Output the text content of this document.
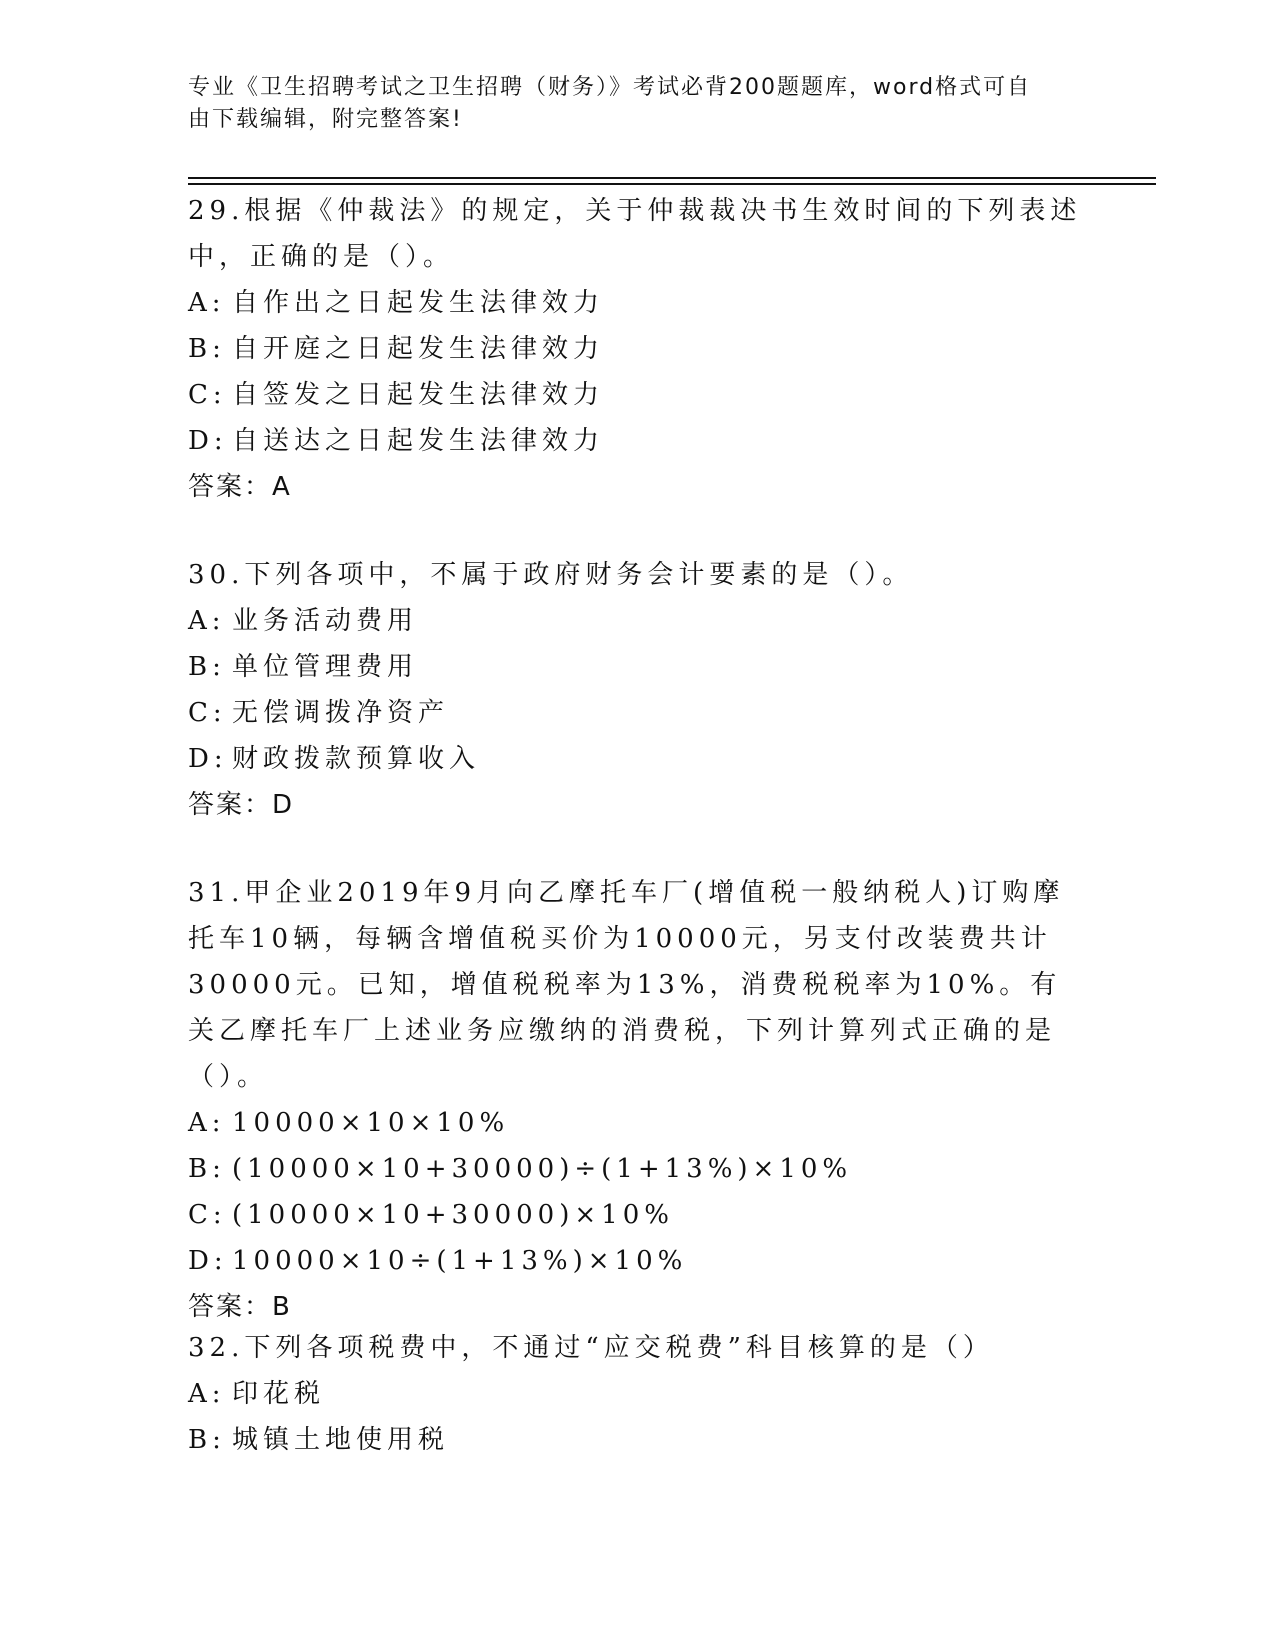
专业《卫生招聘考试之卫生招聘（财务）》考试必背200题题库，word格式可自
由下载编辑，附完整答案!

29.根据《仲裁法》的规定，关于仲裁裁决书生效时间的下列表述中，正确的是（）。

A: 自作出之日起发生法律效力

B: 自开庭之日起发生法律效力

C: 自签发之日起发生法律效力

D: 自送达之日起发生法律效力

答案：A

30.下列各项中，不属于政府财务会计要素的是（）。

A: 业务活动费用

B: 单位管理费用

C: 无偿调拨净资产

D: 财政拨款预算收入

答案：D

31.甲企业2019年9月向乙摩托车厂(增值税一般纳税人)订购摩托车10辆，每辆含增值税买价为10000元，另支付改装费共计30000元。已知，增值税税率为13%，消费税税率为10%。有关乙摩托车厂上述业务应缴纳的消费税，下列计算列式正确的是（）。

A: 10000×10×10%

B: (10000×10+30000)÷(1+13%)×10%

C: (10000×10+30000)×10%

D: 10000×10÷(1+13%)×10%

答案：B

32.下列各项税费中，不通过“应交税费”科目核算的是（）

A: 印花税

B: 城镇土地使用税
